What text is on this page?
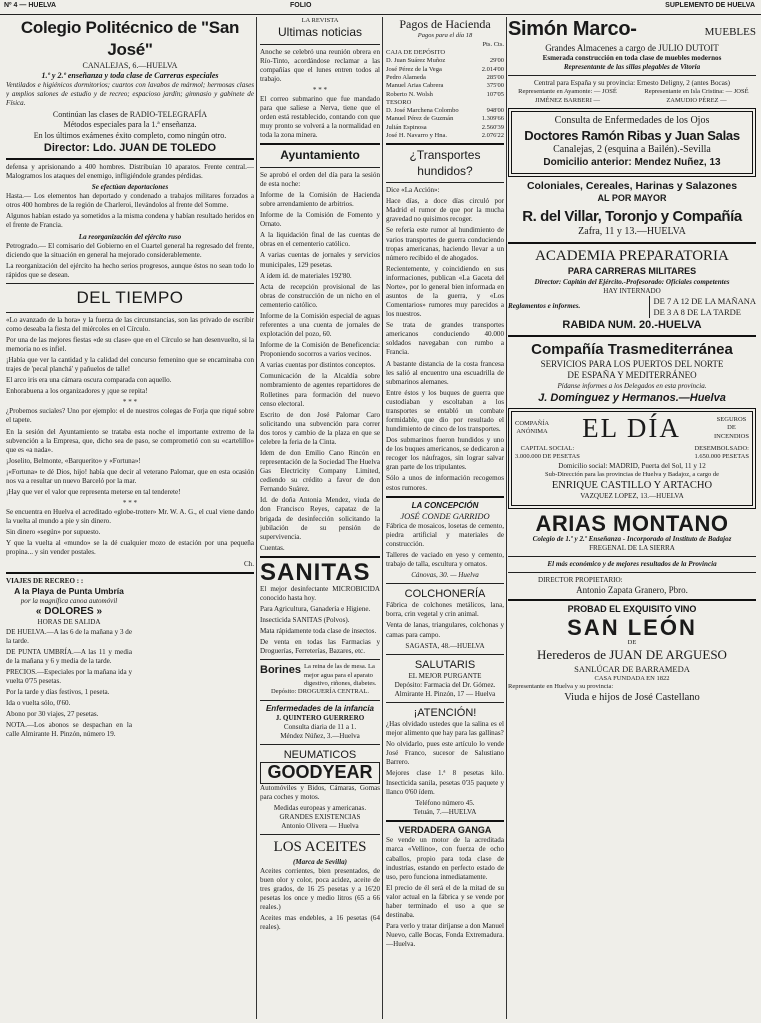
Nº 4 — HUELVA	FOLIO	SUPLEMENTO DE HUELVA
Colegio Politécnico de "San José"
CANALEJAS, 6.—HUELVA
1.º y 2.º enseñanza y toda clase de Carreras especiales

Ventilados e higiénicos dormitorios; cuartos con lavabos de mármol; hermosas clases y amplios salones de estudio y de recreo; espacioso jardín; gimnasio y gabinete de Física.

Continúan las clases de RADIO-TELEGRAFÍA
Métodos especiales para la 1.ª enseñanza.
En los últimos exámenes éxito completo, como ningún otro.
Director: Ldo. JUAN DE TOLEDO

defensa y aprisionando a 400 hombres. Distribuían 10 aparatos. Frente central.— Malogramos los ataques del enemigo, infligiéndole grandes pérdidas.

Se efectúan deportaciones

Hasta.— Los elementos han deportado y condenado a trabajos militares forzados a otros 400 hombres de la región de Charleroi, llevándolos al frente del Somme.

Algunos habían estado ya sometidos a la misma condena y habían resultado heridos en el frente de Francia.

La reorganización del ejército ruso

Petrogrado.— El comisario del Gobierno en el Cuartel general ha regresado del frente, diciendo que la situación en general ha mejorado considerablemente.

La reorganización del ejército ha hecho serios progresos, aunque éstos no sean todo lo rápidos que se desean.

DEL TIEMPO

«Lo avanzado de la hora» y la fuerza de las circunstancias, son las privado de escribir como deseaba la fiesta del miércoles en el Círculo.

Por una de las mejores fiestas «de su clase» que en el Círculo se han desenvuelto, si la memoria no es infiel.

¡Había que ver la cantidad y la calidad del concurso femenino que se encaminaba con trajes de 'pecal planchá' y pañuelos de talle!

El arco iris era una cámara oscura comparada con aquello.

Enhorabuena a los organizadores y ¡que se repita!

* * *

¿Probemos suciales? Uno por ejemplo: el de nuestros colegas de Forja que riqué sobre el tapete.

En la sesión del Ayuntamiento se trataba esta noche el importante extremo de la subvención a la Empresa, que, dicho sea de paso, se comprometió con su «cartelillo» que es «a nada».

¡Joselito, Belmonte, «Barquerito» y «Fortuna»!

¡«Fortuna» te dé Dios, hijo! había que decir al veterano Palomar, que en esta ocasión nos va a resultar un nuevo Barceló por la mar.

¡Hay que ver el valor que representa meterse en tal tenderete!

* * *

Se encuentra en Huelva el acreditado «globe-trotter» Mr. W. A. G., el cual viene dando la vuelta al mundo a pie y sin dinero.

Sin dinero «según» por supuesto.

Y que la vuelta al «mundo» se la dé cualquier mozo de estación por una pequeña propina... y sin vender postales.

Ch.
VIAJES DE RECREO : :
A la Playa de Punta Umbría
por la magnífica canoa automóvil
« DOLORES »
HORAS DE SALIDA

DE HUELVA.—A las 6 de la mañana y 3 de la tarde.

DE PUNTA UMBRÍA.—A las 11 y media de la mañana y 6 y media de la tarde.

PRECIOS.—Especiales por la mañana ida y vuelta 0'75 pesetas.

Por la tarde y días festivos, 1 peseta.

Ida o vuelta sólo, 0'60.

Abono por 30 viajes, 27 pesetas.

NOTA.—Los abonos se despachan en la calle Almirante H. Pinzón, número 19.

LA REVISTA
Ultimas noticias

Anoche se celebró una reunión obrera en Río-Tinto, acordándose reclamar a las compañías que el lunes entren todos al trabajo.

* * *

El correo submarino que fue mandado para que saliese a Nerva, tiene que el orden está restablecido, contando con que muy pronto se volverá a la normalidad en toda la zona minera.

Ayuntamiento

Se aprobó el orden del día para la sesión de esta noche:

Informe de la Comisión de Hacienda sobre arrendamiento de arbitrios.

Informe de la Comisión de Fomento y Ornato.

A la liquidación final de las cuentas de obras en el cementerio católico.

A varias cuentas de jornales y servicios municipales, 129 pesetas.

A ídem íd. de materiales 192'80.

Acta de recepción provisional de las obras de construcción de un nicho en el cementerio católico.

Informe de la Comisión especial de aguas referentes a una cuenta de jornales de explotación del pozo, 60.

Informe de la Comisión de Beneficencia: Proponiendo socorros a varios vecinos.

A varias cuentas por distintos conceptos.

Comunicación de la Alcaldía sobre nombramiento de agentes repartidores de Rolletines para formación del nuevo censo electoral.

Escrito de don José Palomar Caro solicitando una subvención para correr dos toros y cambio de la plaza en que se celebre la feria de la Cinta.

Idem de don Emilio Cano Rincón en representación de la Sociedad The Huelva Gas Electricity Company Limited, cediendo su crédito a favor de don Fernando Suárez.

Id. de doña Antonia Mendez, viuda de don Francisco Reyes, capataz de la brigada de desinfección solicitando la jubilación de su pensión de supervivencia.

Cuentas.

SANITAS

El mejor desinfectante MICROBICIDA conocido hasta hoy.

Para Agricultura, Ganadería e Higiene.

Insecticida SANITAS (Polvos).

Mata rápidamente toda clase de insectos.

De venta en todas las Farmacias y Droguerías, Ferreterías, Bazares, etc.

Borines La reina de las de mesa. La mejor agua para el aparato digestivo, riñones, diabetes.
Depósito: DROGUERÍA CENTRAL.
Enfermedades de la infancia
J. QUINTERO GUERRERO
Consulta diaria de 11 a 1.
Méndez Núñez, 3.—Huelva
NEUMATICOS
GOODYEAR

Automóviles y Bidos, Cámaras, Gomas para coches y motos.

Medidas europeas y americanas.
GRANDES EXISTENCIAS
Antonio Olivera — Huelva
LOS ACEITES
(Marca de Sevilla)

Aceites corrientes, bien presentados, de buen olor y color, poca acidez, aceite de tres grados, de 16 25 pesetas y a 16'20 pesetas los once y medio litros (65 a 66 reales.)

Aceites mas endebles, a 16 pesetas (64 reales).

Pagos de Hacienda
Pagos para el día 18
Pts. Cts.
CAJA DE DEPÓSITO
D. Juan Suárez Muñoz	29'00
José Pérez de la Vega	2.014'00
Pedro Alameda	285'00
Manuel Arias Cabrera	375'00
Roberto N. Wolsh	107'05
TESORO
D. José Marchena Colombo	948'00
Manuel Pérez de Guzmán	1.309'66
Julián Espinosa	2.560'39
José H. Navarro y Hna.	2.076'22
¿Transportes hundidos?

Dice «La Acción»:

Hace días, a doce días circuló por Madrid el rumor de que por la mucha gravedad no quisimos recoger.

Se refería este rumor al hundimiento de varios transportes de guerra conduciendo tropas americanas, haciendo llevar a un número recibido el de ahogados.

Recientemente, y coincidiendo en sus informaciones, publican «La Gaceta del Norte», por lo general bien informada en asuntos de la guerra, y «Los Comentarios» rumores muy parecidos a los nuestros.

Se trata de grandes transportes americanos conduciendo 40.000 soldados navegaban con rumbo a Francia.

A bastante distancia de la costa francesa les salió al encuentro una escuadrilla de submarinos alemanes.

Entre éstos y los buques de guerra que custodiaban y escoltaban a los transportes se entabló un combate formidable, que dio por resultado el hundimiento de cinco de los transportes.

Dos submarinos fueron hundidos y uno de los buques americanos, se dedicaron a recoger los náufragos, sin lograr salvar gran parte de los tripulantes.

Sólo a unos de información recogemos estos rumores.

LA CONCEPCIÓN
JOSÉ CONDE GARRIDO

Fábrica de mosaicos, losetas de cemento, piedra artificial y materiales de construcción.

Talleres de vaciado en yeso y cemento, trabajo de talla, escultura y ornatos.

Cánovas, 30. — Huelva
COLCHONERÍA

Fábrica de colchones metálicos, lana, borra, crin vegetal y crin animal.

Venta de lanas, triangulares, colchonas y camas para campo.

SAGASTA, 48.—HUELVA
SALUTARIS
EL MEJOR PURGANTE
Depósito: Farmacia del Dr. Gómez.
Almirante H. Pinzón, 17 — Huelva
¡ATENCIÓN!

¿Has olvidado ustedes que la salina es el mejor alimento que hay para las gallinas?

No olvidarlo, pues este artículo lo vende José Franco, sucesor de Salustiano Barrero.

Mejores clase 1.ª 8 pesetas kilo. Insecticida sanila, pesetas 0'35 paquete y llanco 0'60 ídem.

Teléfono número 45.
Tetuán, 7.—HUELVA
VERDADERA GANGA

Se vende un motor de la acreditada marca «Vellino», con fuerza de ocho caballos, propio para toda clase de industrias, estando en perfecto estado de uso, pero funciona inmediatamente.

El precio de él será el de la mitad de su valor actual en la fábrica y se vende por haber terminado el uso a que se destinaba.

Para verlo y tratar diríjanse a don Manuel Nuevo, calle Bocas, Fonda Extremadura.—Huelva.

Simón Marco-	MUEBLES
Grandes Almacenes a cargo de JULIO DUTOIT
Esmerada construcción en toda clase de muebles modernos
Representante de las sillas plegables de Vitoria
Central para España y su provincia: Ernesto Deligny, 2 (antes Bocas)
Representante en Ayamonte: — JOSÉ JIMÉNEZ BARBERI —
Representante en Isla Cristina: — JOSÉ ZAMUDIO PÉREZ —
Consulta de Enfermedades de los Ojos
Doctores Ramón Ribas y Juan Salas
Canalejas, 2 (esquina a Bailén).-Sevilla
Domicilio anterior: Mendez Nuñez, 13
Coloniales, Cereales, Harinas y Salazones
AL POR MAYOR
R. del Villar, Toronjo y Compañía
Zafra, 11 y 13.—HUELVA
ACADEMIA PREPARATORIA
PARA CARRERAS MILITARES
Director: Capitán del Ejército.-Profesorado: Oficiales competentes
HAY INTERNADO
Reglamentos e informes.
DE 7 A 12 DE LA MAÑANA
DE 3 A 8 DE LA TARDE
RABIDA NUM. 20.-HUELVA
Compañía Trasmediterránea
SERVICIOS PARA LOS PUERTOS DEL NORTE
DE ESPAÑA Y MEDITERRÁNEO
Pídanse informes a los Delegados en esta provincia.
J. Domínguez y Hermanos.—Huelva
COMPAÑÍA
ANÓNIMA EL DÍA	SEGUROS
DE
INCENDIOS
CAPITAL SOCIAL:
3.000.000 DE PESETAS
DESEMBOLSADO:
1.650.000 PESETAS
Domicilio social: MADRID, Puerta del Sol, 11 y 12
Sub-Dirección para las provincias de Huelva y Badajoz, a cargo de
ENRIQUE CASTILLO Y ARTACHO
VAZQUEZ LOPEZ, 13.—HUELVA
ARIAS MONTANO
Colegio de 1.º y 2.º Enseñanza - Incorporado al Instituto de Badajoz
FREGENAL DE LA SIERRA
El más económico y de mejores resultados de la Provincia
DIRECTOR PROPIETARIO:
Antonio Zapata Granero, Pbro.
PROBAD EL EXQUISITO VINO
SAN LEÓN
DE
Herederos de JUAN DE ARGUESO
SANLÚCAR DE BARRAMEDA
CASA FUNDADA EN 1822
Representante en Huelva y su provincia:
Viuda e hijos de José Castellano
